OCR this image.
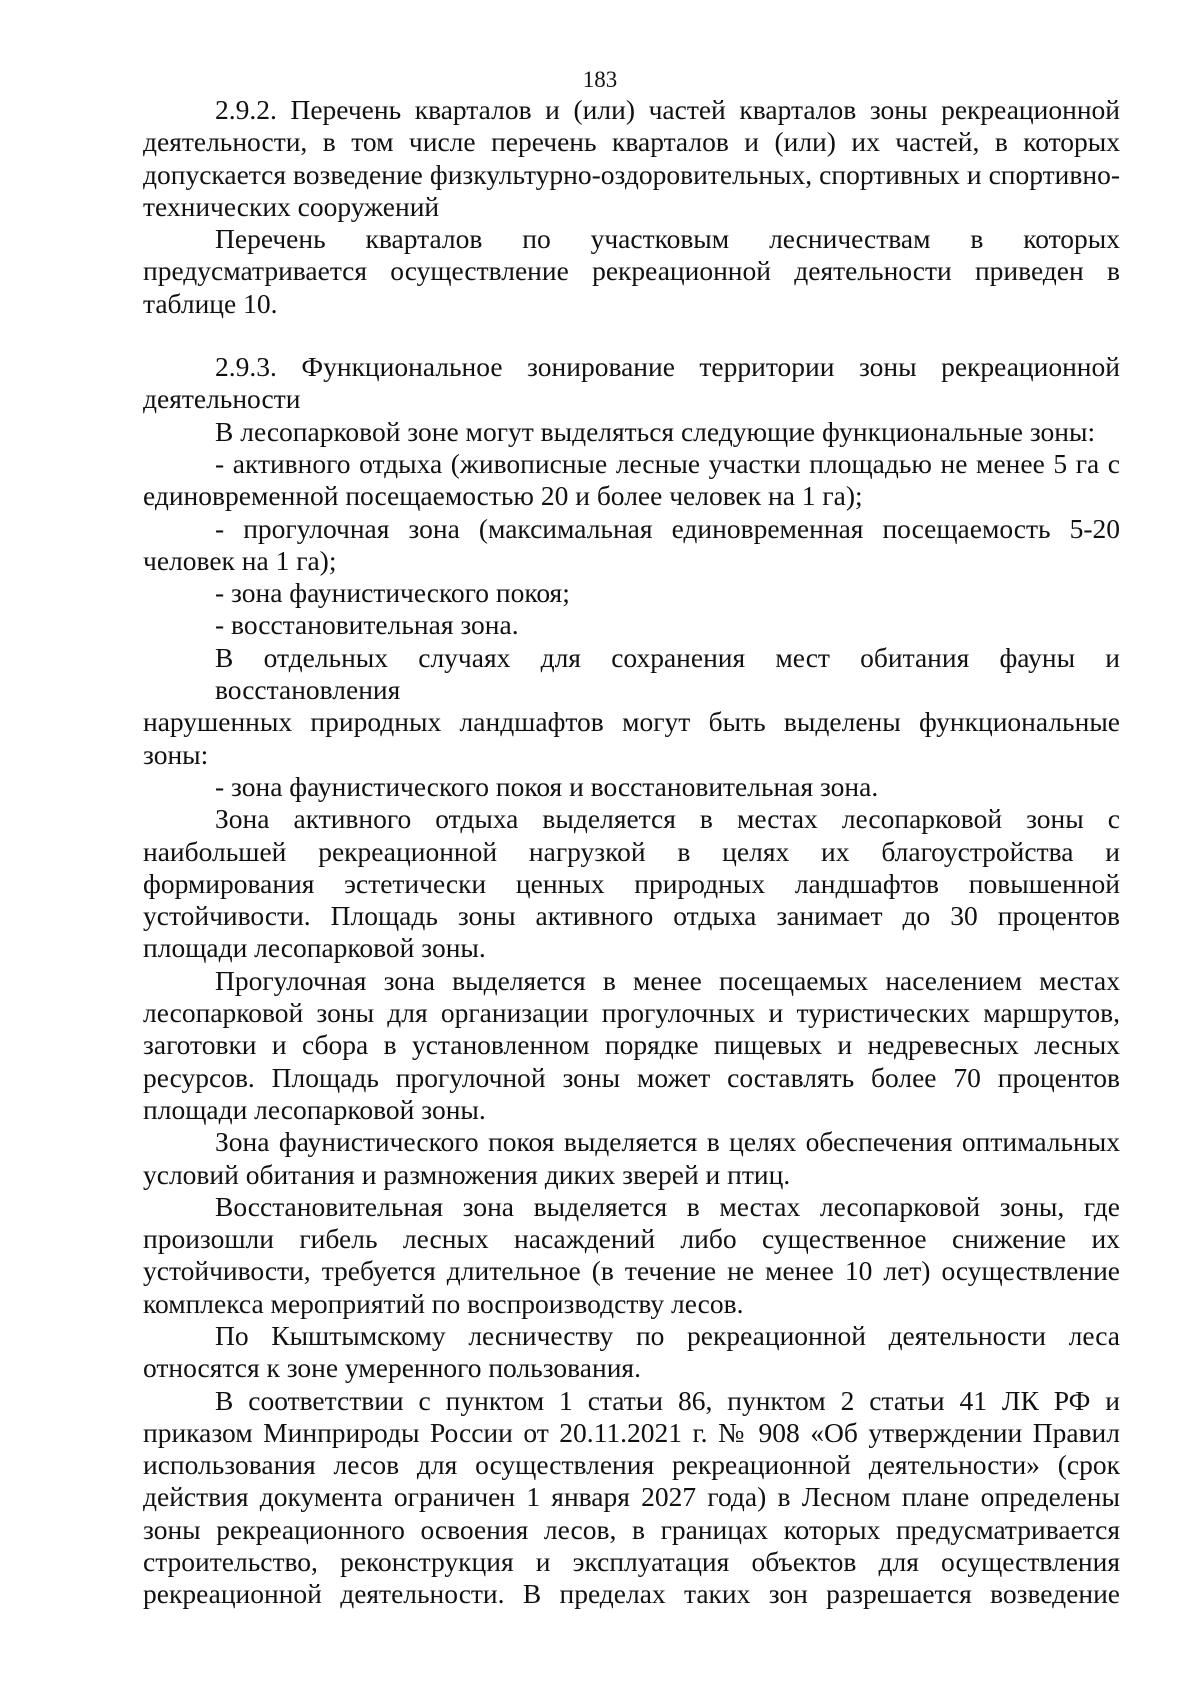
183
2.9.2. Перечень кварталов и (или) частей кварталов зоны рекреационной
деятельности, в том числе перечень кварталов и (или) их частей, в которых
допускается возведение физкультурно-оздоровительных, спортивных и спортивно-
технических сооружений
Перечень кварталов по участковым лесничествам в которых
предусматривается осуществление рекреационной деятельности приведен в
таблице 10.
2.9.3. Функциональное зонирование территории зоны рекреационной
деятельности
В лесопарковой зоне могут выделяться следующие функциональные зоны:
- активного отдыха (живописные лесные участки площадью не менее 5 га с
единовременной посещаемостью 20 и более человек на 1 га);
- прогулочная зона (максимальная единовременная посещаемость 5-20
человек на 1 га);
- зона фаунистического покоя;
- восстановительная зона.
В отдельных случаях для сохранения мест обитания фауны и восстановления
нарушенных природных ландшафтов могут быть выделены функциональные зоны:
- зона фаунистического покоя и восстановительная зона.
Зона активного отдыха выделяется в местах лесопарковой зоны с
наибольшей рекреационной нагрузкой в целях их благоустройства и
формирования эстетически ценных природных ландшафтов повышенной
устойчивости. Площадь зоны активного отдыха занимает до 30 процентов
площади лесопарковой зоны.
Прогулочная зона выделяется в менее посещаемых населением местах
лесопарковой зоны для организации прогулочных и туристических маршрутов,
заготовки и сбора в установленном порядке пищевых и недревесных лесных
ресурсов. Площадь прогулочной зоны может составлять более 70 процентов
площади лесопарковой зоны.
Зона фаунистического покоя выделяется в целях обеспечения оптимальных
условий обитания и размножения диких зверей и птиц.
Восстановительная зона выделяется в местах лесопарковой зоны, где
произошли гибель лесных насаждений либо существенное снижение их
устойчивости, требуется длительное (в течение не менее 10 лет) осуществление
комплекса мероприятий по воспроизводству лесов.
По Кыштымскому лесничеству по рекреационной деятельности леса
относятся к зоне умеренного пользования.
В соответствии с пунктом 1 статьи 86, пунктом 2 статьи 41 ЛК РФ и
приказом Минприроды России от 20.11.2021 г. № 908 «Об утверждении Правил
использования лесов для осуществления рекреационной деятельности» (срок
действия документа ограничен 1 января 2027 года) в Лесном плане определены
зоны рекреационного освоения лесов, в границах которых предусматривается
строительство, реконструкция и эксплуатация объектов для осуществления
рекреационной деятельности. В пределах таких зон разрешается возведение
